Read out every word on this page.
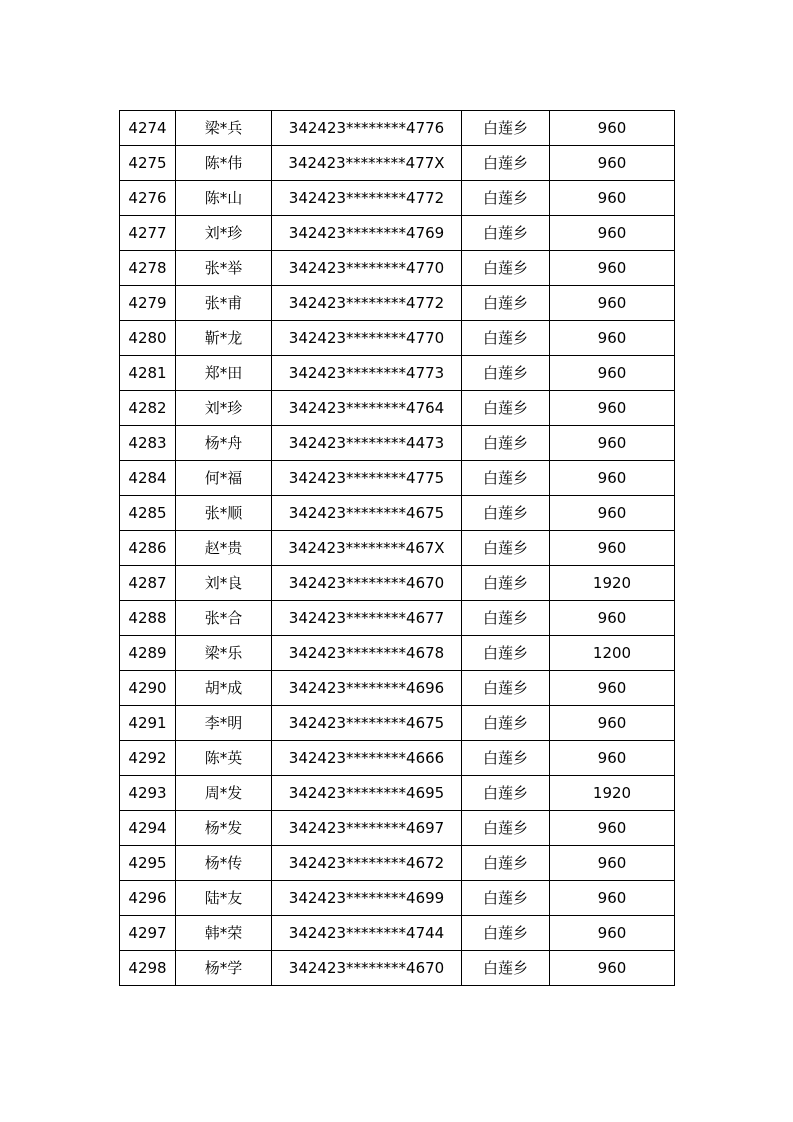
4274	梁*兵	342423********4776	白莲乡	960
4275	陈*伟	342423********477X	白莲乡	960
4276	陈*山	342423********4772	白莲乡	960
4277	刘*珍	342423********4769	白莲乡	960
4278	张*举	342423********4770	白莲乡	960
4279	张*甫	342423********4772	白莲乡	960
4280	靳*龙	342423********4770	白莲乡	960
4281	郑*田	342423********4773	白莲乡	960
4282	刘*珍	342423********4764	白莲乡	960
4283	杨*舟	342423********4473	白莲乡	960
4284	何*福	342423********4775	白莲乡	960
4285	张*顺	342423********4675	白莲乡	960
4286	赵*贵	342423********467X	白莲乡	960
4287	刘*良	342423********4670	白莲乡	1920
4288	张*合	342423********4677	白莲乡	960
4289	梁*乐	342423********4678	白莲乡	1200
4290	胡*成	342423********4696	白莲乡	960
4291	李*明	342423********4675	白莲乡	960
4292	陈*英	342423********4666	白莲乡	960
4293	周*发	342423********4695	白莲乡	1920
4294	杨*发	342423********4697	白莲乡	960
4295	杨*传	342423********4672	白莲乡	960
4296	陆*友	342423********4699	白莲乡	960
4297	韩*荣	342423********4744	白莲乡	960
4298	杨*学	342423********4670	白莲乡	960
